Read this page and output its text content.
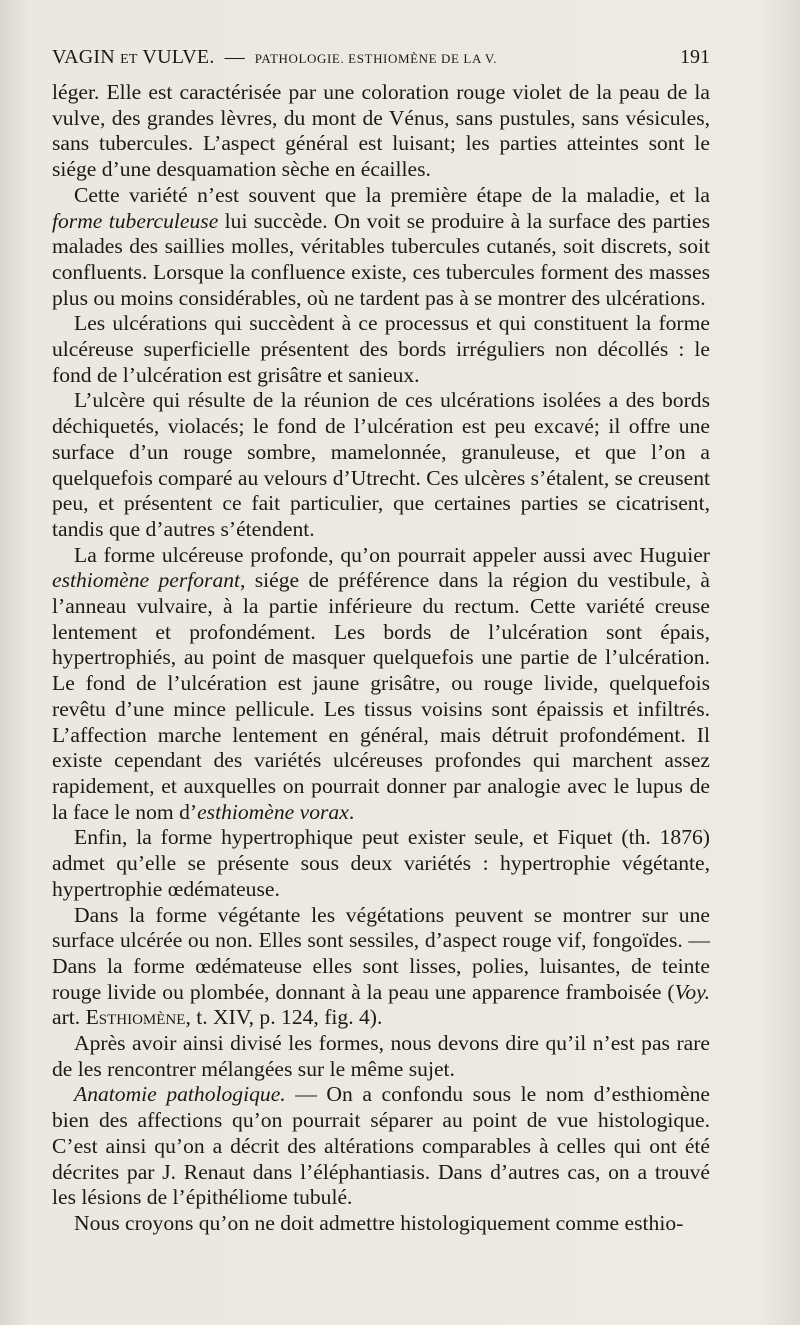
VAGIN ET VULVE. — PATHOLOGIE. ESTHIOMÈNE DE LA V.	191

léger. Elle est caractérisée par une coloration rouge violet de la peau de la vulve, des grandes lèvres, du mont de Vénus, sans pustules, sans vésicules, sans tubercules. L’aspect général est luisant; les parties atteintes sont le siége d’une desquamation sèche en écailles.

Cette variété n’est souvent que la première étape de la maladie, et la forme tuberculeuse lui succède. On voit se produire à la surface des parties malades des saillies molles, véritables tubercules cutanés, soit discrets, soit confluents. Lorsque la confluence existe, ces tubercules forment des masses plus ou moins considérables, où ne tardent pas à se montrer des ulcérations.

Les ulcérations qui succèdent à ce processus et qui constituent la forme ulcéreuse superficielle présentent des bords irréguliers non décollés : le fond de l’ulcération est grisâtre et sanieux.

L’ulcère qui résulte de la réunion de ces ulcérations isolées a des bords déchiquetés, violacés; le fond de l’ulcération est peu excavé; il offre une surface d’un rouge sombre, mamelonnée, granuleuse, et que l’on a quelquefois comparé au velours d’Utrecht. Ces ulcères s’étalent, se creusent peu, et présentent ce fait particulier, que certaines parties se cicatrisent, tandis que d’autres s’étendent.

La forme ulcéreuse profonde, qu’on pourrait appeler aussi avec Huguier esthiomène perforant, siége de préférence dans la région du vestibule, à l’anneau vulvaire, à la partie inférieure du rectum. Cette variété creuse lentement et profondément. Les bords de l’ulcération sont épais, hypertrophiés, au point de masquer quelquefois une partie de l’ulcération. Le fond de l’ulcération est jaune grisâtre, ou rouge livide, quelquefois revêtu d’une mince pellicule. Les tissus voisins sont épaissis et infiltrés. L’affection marche lentement en général, mais détruit profondément. Il existe cependant des variétés ulcéreuses profondes qui marchent assez rapidement, et auxquelles on pourrait donner par analogie avec le lupus de la face le nom d’esthiomène vorax.

Enfin, la forme hypertrophique peut exister seule, et Fiquet (th. 1876) admet qu’elle se présente sous deux variétés : hypertrophie végétante, hypertrophie œdémateuse.

Dans la forme végétante les végétations peuvent se montrer sur une surface ulcérée ou non. Elles sont sessiles, d’aspect rouge vif, fongoïdes. — Dans la forme œdémateuse elles sont lisses, polies, luisantes, de teinte rouge livide ou plombée, donnant à la peau une apparence framboisée (Voy. art. Esthiomène, t. XIV, p. 124, fig. 4).

Après avoir ainsi divisé les formes, nous devons dire qu’il n’est pas rare de les rencontrer mélangées sur le même sujet.

Anatomie pathologique. — On a confondu sous le nom d’esthiomène bien des affections qu’on pourrait séparer au point de vue histologique. C’est ainsi qu’on a décrit des altérations comparables à celles qui ont été décrites par J. Renaut dans l’éléphantiasis. Dans d’autres cas, on a trouvé les lésions de l’épithéliome tubulé.

Nous croyons qu’on ne doit admettre histologiquement comme esthio-
